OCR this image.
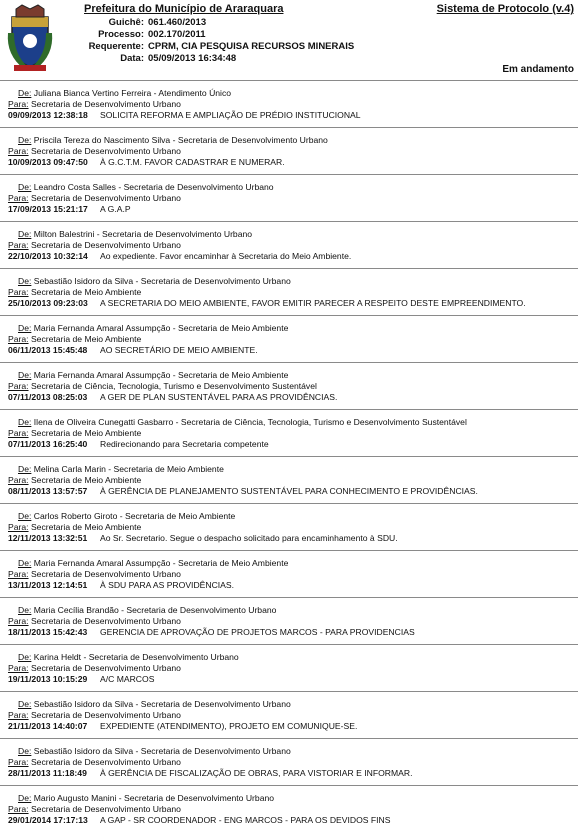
Prefeitura do Município de Araraquara	Sistema de Protocolo (v.4)
Guichê: 061.460/2013
Processo: 002.170/2011
Requerente: CPRM, CIA PESQUISA RECURSOS MINERAIS
Data: 05/09/2013 16:34:48
Em andamento
De: Juliana Bianca Vertino Ferreira - Atendimento Único
Para: Secretaria de Desenvolvimento Urbano
09/09/2013 12:38:18 SOLICITA REFORMA E AMPLIAÇÃO DE PRÉDIO INSTITUCIONAL
De: Priscila Tereza do Nascimento Silva - Secretaria de Desenvolvimento Urbano
Para: Secretaria de Desenvolvimento Urbano
10/09/2013 09:47:50 À G.C.T.M. FAVOR CADASTRAR E NUMERAR.
De: Leandro Costa Salles - Secretaria de Desenvolvimento Urbano
Para: Secretaria de Desenvolvimento Urbano
17/09/2013 15:21:17 A G.A.P
De: Milton Balestrini - Secretaria de Desenvolvimento Urbano
Para: Secretaria de Desenvolvimento Urbano
22/10/2013 10:32:14 Ao expediente. Favor encaminhar à Secretaria do Meio Ambiente.
De: Sebastião Isidoro da Silva - Secretaria de Desenvolvimento Urbano
Para: Secretaria de Meio Ambiente
25/10/2013 09:23:03 A SECRETARIA DO MEIO AMBIENTE, FAVOR EMITIR PARECER A RESPEITO DESTE EMPREENDIMENTO.
De: Maria Fernanda Amaral Assumpção - Secretaria de Meio Ambiente
Para: Secretaria de Meio Ambiente
06/11/2013 15:45:48 AO SECRETÁRIO DE MEIO AMBIENTE.
De: Maria Fernanda Amaral Assumpção - Secretaria de Meio Ambiente
Para: Secretaria de Ciência, Tecnologia, Turismo e Desenvolvimento Sustentável
07/11/2013 08:25:03 A GER DE PLAN SUSTENTÁVEL PARA AS PROVIDÊNCIAS.
De: Ilena de Oliveira Cunegatti Gasbarro - Secretaria de Ciência, Tecnologia, Turismo e Desenvolvimento Sustentável
Para: Secretaria de Meio Ambiente
07/11/2013 16:25:40 Redirecionando para Secretaria competente
De: Melina Carla Marin - Secretaria de Meio Ambiente
Para: Secretaria de Meio Ambiente
08/11/2013 13:57:57 À GERÊNCIA DE PLANEJAMENTO SUSTENTÁVEL PARA CONHECIMENTO E PROVIDÊNCIAS.
De: Carlos Roberto Giroto - Secretaria de Meio Ambiente
Para: Secretaria de Meio Ambiente
12/11/2013 13:32:51 Ao Sr. Secretario. Segue o despacho solicitado para encaminhamento à SDU.
De: Maria Fernanda Amaral Assumpção - Secretaria de Meio Ambiente
Para: Secretaria de Desenvolvimento Urbano
13/11/2013 12:14:51 À SDU PARA AS PROVIDÊNCIAS.
De: Maria Cecília Brandão - Secretaria de Desenvolvimento Urbano
Para: Secretaria de Desenvolvimento Urbano
18/11/2013 15:42:43 GERENCIA DE APROVAÇÃO DE PROJETOS MARCOS - PARA PROVIDENCIAS
De: Karina Heldt - Secretaria de Desenvolvimento Urbano
Para: Secretaria de Desenvolvimento Urbano
19/11/2013 10:15:29 A/C MARCOS
De: Sebastião Isidoro da Silva - Secretaria de Desenvolvimento Urbano
Para: Secretaria de Desenvolvimento Urbano
21/11/2013 14:40:07 EXPEDIENTE (ATENDIMENTO), PROJETO EM COMUNIQUE-SE.
De: Sebastião Isidoro da Silva - Secretaria de Desenvolvimento Urbano
Para: Secretaria de Desenvolvimento Urbano
28/11/2013 11:18:49 À GERÊNCIA DE FISCALIZAÇÃO DE OBRAS, PARA VISTORIAR E INFORMAR.
De: Mario Augusto Manini - Secretaria de Desenvolvimento Urbano
Para: Secretaria de Desenvolvimento Urbano
29/01/2014 17:17:13 A GAP - SR COORDENADOR - ENG MARCOS - PARA OS DEVIDOS FINS
